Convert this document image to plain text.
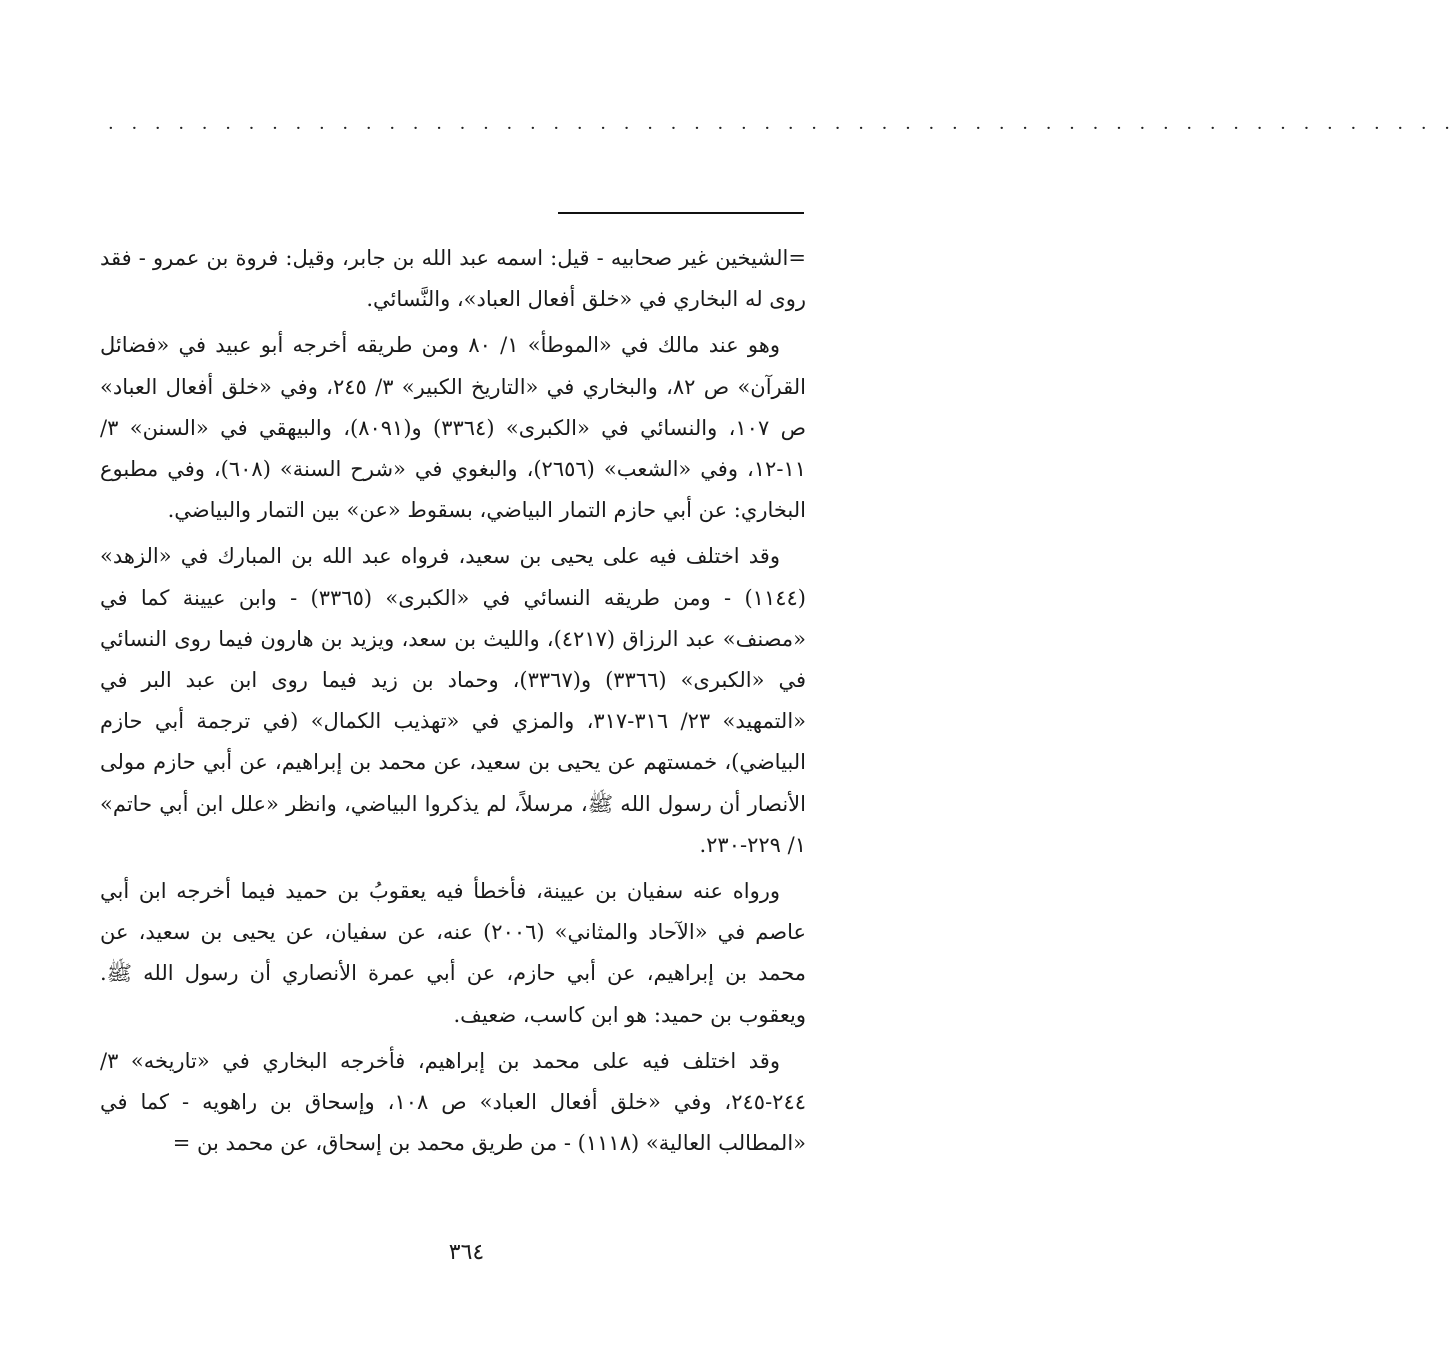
· · · · · · · · · · · · · · · · · · · · · · · · · · · · · · · · · · · · · · · · · · · · · · · · · · · · · · · · · ·

=الشيخين غير صحابيه - قيل: اسمه عبد الله بن جابر، وقيل: فروة بن عمرو - فقد روى له البخاري في «خلق أفعال العباد»، والنَّسائي.

وهو عند مالك في «الموطأ» ١/ ٨٠ ومن طريقه أخرجه أبو عبيد في «فضائل القرآن» ص ٨٢، والبخاري في «التاريخ الكبير» ٣/ ٢٤٥، وفي «خلق أفعال العباد» ص ١٠٧، والنسائي في «الكبرى» (٣٣٦٤) و(٨٠٩١)، والبيهقي في «السنن» ٣/ ١١-١٢، وفي «الشعب» (٢٦٥٦)، والبغوي في «شرح السنة» (٦٠٨)، وفي مطبوع البخاري: عن أبي حازم التمار البياضي، بسقوط «عن» بين التمار والبياضي.

وقد اختلف فيه على يحيى بن سعيد، فرواه عبد الله بن المبارك في «الزهد» (١١٤٤) - ومن طريقه النسائي في «الكبرى» (٣٣٦٥) - وابن عيينة كما في «مصنف» عبد الرزاق (٤٢١٧)، والليث بن سعد، ويزيد بن هارون فيما روى النسائي في «الكبرى» (٣٣٦٦) و(٣٣٦٧)، وحماد بن زيد فيما روى ابن عبد البر في «التمهيد» ٢٣/ ٣١٦-٣١٧، والمزي في «تهذيب الكمال» (في ترجمة أبي حازم البياضي)، خمستهم عن يحيى بن سعيد، عن محمد بن إبراهيم، عن أبي حازم مولى الأنصار أن رسول الله ﷺ، مرسلاً، لم يذكروا البياضي، وانظر «علل ابن أبي حاتم» ١/ ٢٢٩-٢٣٠.

ورواه عنه سفيان بن عيينة، فأخطأ فيه يعقوبُ بن حميد فيما أخرجه ابن أبي عاصم في «الآحاد والمثاني» (٢٠٠٦) عنه، عن سفيان، عن يحيى بن سعيد، عن محمد بن إبراهيم، عن أبي حازم، عن أبي عمرة الأنصاري أن رسول الله ﷺ. ويعقوب بن حميد: هو ابن كاسب، ضعيف.

وقد اختلف فيه على محمد بن إبراهيم، فأخرجه البخاري في «تاريخه» ٣/ ٢٤٤-٢٤٥، وفي «خلق أفعال العباد» ص ١٠٨، وإسحاق بن راهويه - كما في «المطالب العالية» (١١١٨) - من طريق محمد بن إسحاق، عن محمد بن =

٣٦٤
